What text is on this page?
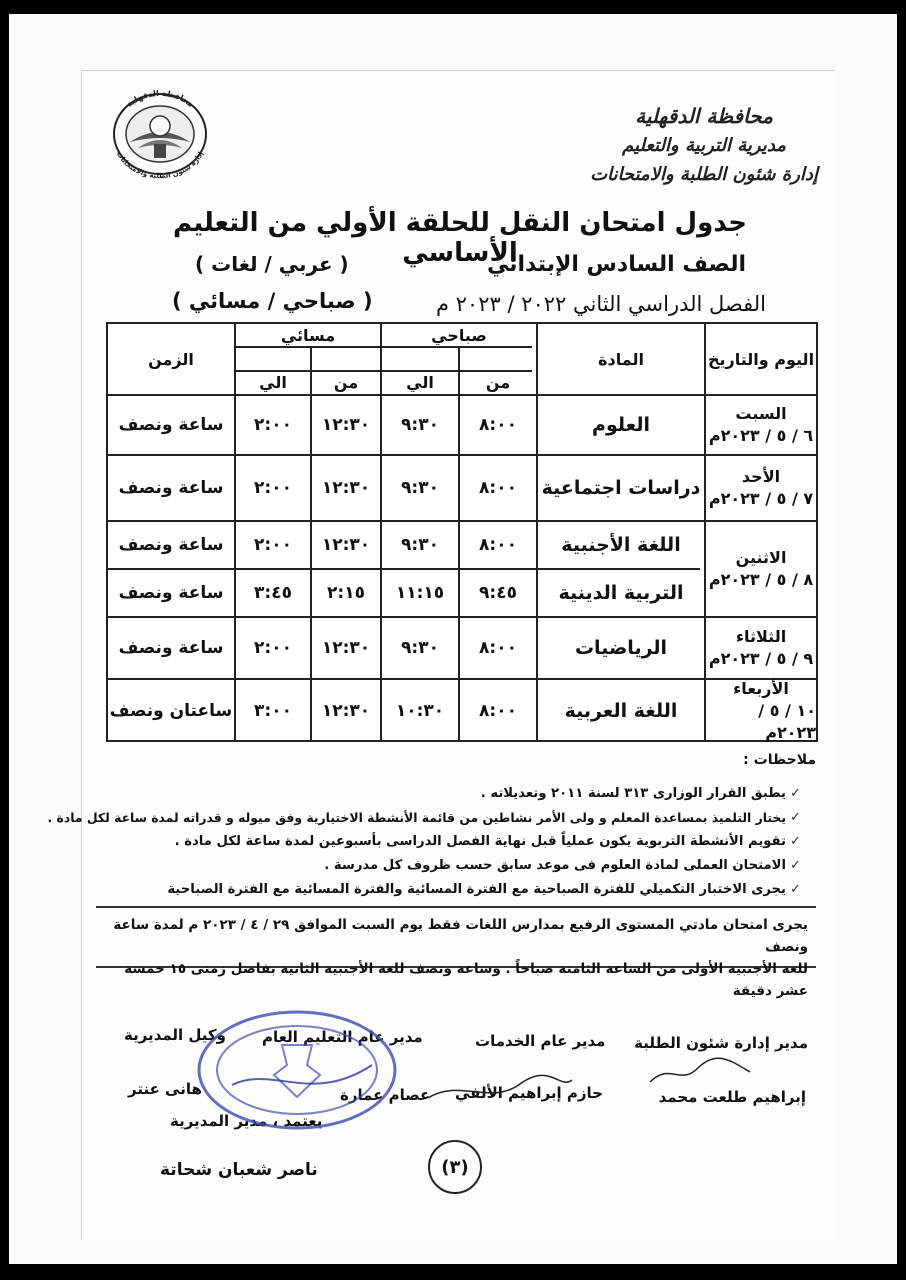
محافظة الدقهلية
مديرية التربية والتعليم
إدارة شئون الطلبة والامتحانات
محافظة الدقهلية
إدارة شئون الطلبة والامتحانات
جدول امتحان النقل للحلقة الأولي من التعليم الأساسي
الصف السادس الإبتدائي
( عربي / لغات )
الفصل الدراسي الثاني ٢٠٢٢ / ٢٠٢٣ م
( صباحي / مسائي )
اليوم والتاريخ
المادة
صباحي
مسائي
من
الي
من
الي
الزمن
السبت
٦ / ٥ / ٢٠٢٣م
الأحد
٧ / ٥ / ٢٠٢٣م
الاثنين
٨ / ٥ / ٢٠٢٣م
الثلاثاء
٩ / ٥ / ٢٠٢٣م
الأربعاء
١٠ / ٥ / ٢٠٢٣م
العلوم
٨:٠٠
٩:٣٠
١٢:٣٠
٢:٠٠
ساعة ونصف
دراسات اجتماعية
٨:٠٠
٩:٣٠
١٢:٣٠
٢:٠٠
ساعة ونصف
اللغة الأجنبية
٨:٠٠
٩:٣٠
١٢:٣٠
٢:٠٠
ساعة ونصف
التربية الدينية
٩:٤٥
١١:١٥
٢:١٥
٣:٤٥
ساعة ونصف
الرياضيات
٨:٠٠
٩:٣٠
١٢:٣٠
٢:٠٠
ساعة ونصف
اللغة العربية
٨:٠٠
١٠:٣٠
١٢:٣٠
٣:٠٠
ساعتان ونصف
ملاحظات :
✓
يطبق القرار الوزارى ٣١٣ لسنة ٢٠١١ وتعديلاته .
✓
يختار التلميذ بمساعدة المعلم و ولى الأمر نشاطين من قائمة الأنشطة الاختيارية وفق ميوله و قدراته لمدة ساعة لكل مادة .
✓
تقويم الأنشطة التربوية يكون عملياً قبل نهاية الفصل الدراسى بأسبوعين لمدة ساعة لكل مادة .
✓
الامتحان العملى لمادة العلوم فى موعد سابق حسب ظروف كل مدرسة .
✓
يجرى الاختبار التكميلي للفترة الصباحية مع الفترة المسائية والفترة المسائية مع الفترة الصباحية
يجرى امتحان مادتي المستوى الرفيع بمدارس اللغات فقط يوم السبت الموافق ٢٩ / ٤ / ٢٠٢٣ م لمدة ساعة ونصف
للغة الأجنبية الأولى من الساعة الثامنة صباحاً . وساعة ونصف للغة الأجنبية الثانية بفاصل زمنى ١٥ خمسة عشر دقيقة
مدير إدارة شئون الطلبة
إبراهيم طلعت محمد
مدير عام الخدمات
حازم إبراهيم الألفي
مدير عام التعليم العام
عصام عمارة
وكيل المديرية
هانى عنتر
يعتمد ، مدير المديرية
ناصر شعبان شحاتة	(٣)
